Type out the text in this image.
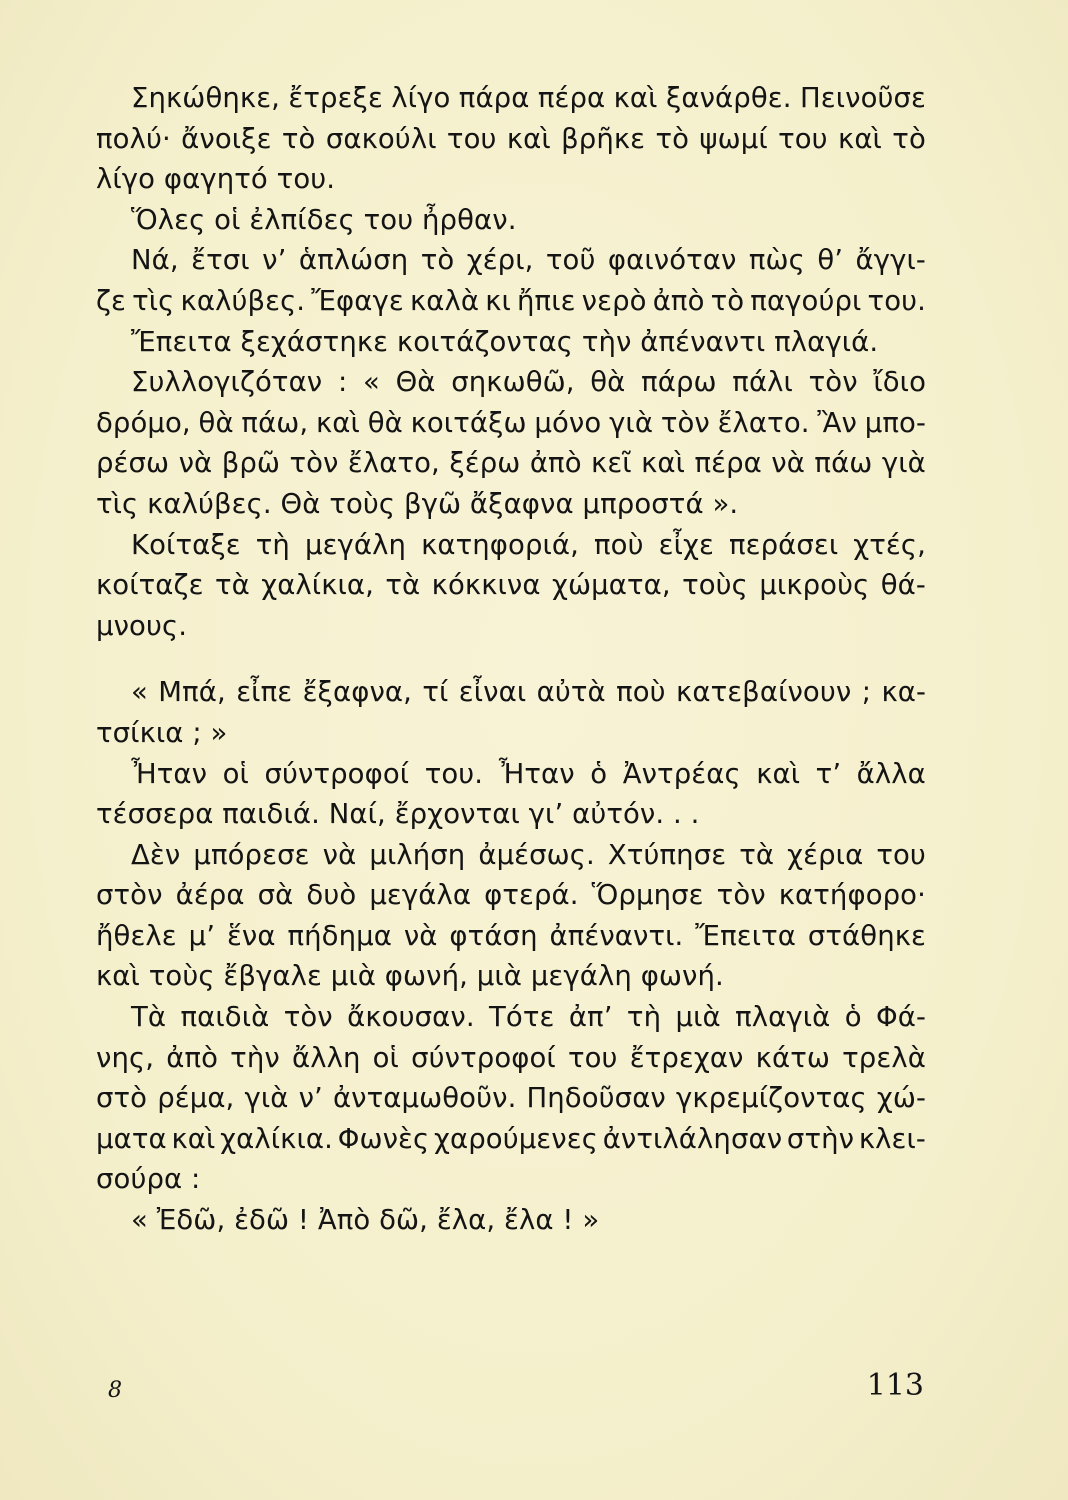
Σηκώθηκε, ἔτρεξε λίγο πάρα πέρα καὶ ξανάρθε. Πεινοῦσε
πολύ· ἄνοιξε τὸ σακούλι του καὶ βρῆκε τὸ ψωμί του καὶ τὸ
λίγο φαγητό του.
Ὅλες οἱ ἐλπίδες του ἦρθαν.
Νά, ἔτσι ν’ ἁπλώση τὸ χέρι, τοῦ φαινόταν πὼς θ’ ἄγγι-
ζε τὶς καλύβες. Ἔφαγε καλὰ κι ἤπιε νερὸ ἀπὸ τὸ παγούρι του.
Ἔπειτα ξεχάστηκε κοιτάζοντας τὴν ἀπέναντι πλαγιά.
Συλλογιζόταν : « Θὰ σηκωθῶ, θὰ πάρω πάλι τὸν ἴδιο
δρόμο, θὰ πάω, καὶ θὰ κοιτάξω μόνο γιὰ τὸν ἔλατο. Ἂν μπο-
ρέσω νὰ βρῶ τὸν ἔλατο, ξέρω ἀπὸ κεῖ καὶ πέρα νὰ πάω γιὰ
τὶς καλύβες. Θὰ τοὺς βγῶ ἄξαφνα μπροστά ».
Κοίταξε τὴ μεγάλη κατηφοριά, ποὺ εἶχε περάσει χτές,
κοίταζε τὰ χαλίκια, τὰ κόκκινα χώματα, τοὺς μικροὺς θά-
μνους.
« Μπά, εἶπε ἔξαφνα, τί εἶναι αὐτὰ ποὺ κατεβαίνουν ; κα-
τσίκια ; »
Ἦταν οἱ σύντροφοί του. Ἦταν ὁ Ἀντρέας καὶ τ’ ἄλλα
τέσσερα παιδιά. Ναί, ἔρχονται γι’ αὐτόν. . .
Δὲν μπόρεσε νὰ μιλήση ἀμέσως. Χτύπησε τὰ χέρια του
στὸν ἀέρα σὰ δυὸ μεγάλα φτερά. Ὅρμησε τὸν κατήφορο·
ἤθελε μ’ ἕνα πήδημα νὰ φτάση ἀπέναντι. Ἔπειτα στάθηκε
καὶ τοὺς ἔβγαλε μιὰ φωνή, μιὰ μεγάλη φωνή.
Τὰ παιδιὰ τὸν ἄκουσαν. Τότε ἀπ’ τὴ μιὰ πλαγιὰ ὁ Φά-
νης, ἀπὸ τὴν ἄλλη οἱ σύντροφοί του ἔτρεχαν κάτω τρελὰ
στὸ ρέμα, γιὰ ν’ ἀνταμωθοῦν. Πηδοῦσαν γκρεμίζοντας χώ-
ματα καὶ χαλίκια. Φωνὲς χαρούμενες ἀντιλάλησαν στὴν κλει-
σούρα :
« Ἐδῶ, ἐδῶ ! Ἀπὸ δῶ, ἔλα, ἔλα ! »
8	113
